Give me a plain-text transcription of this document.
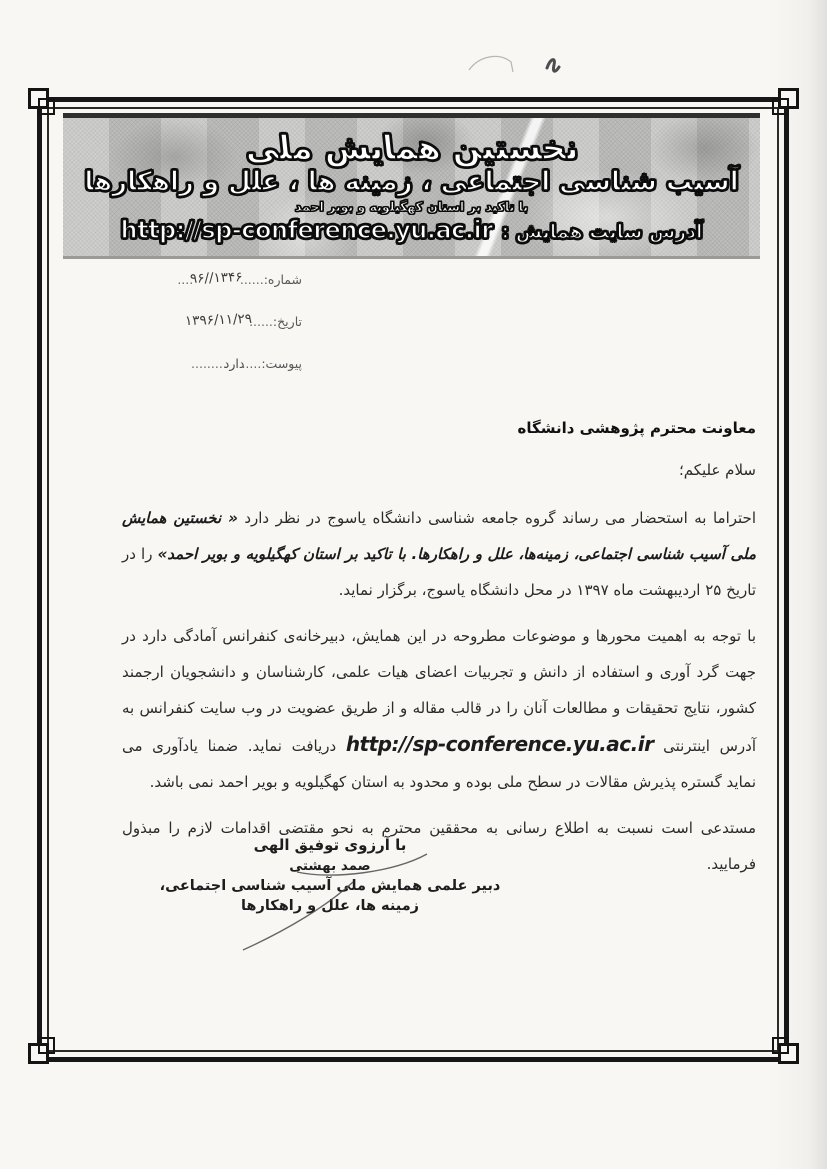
نخستین همایش ملی
آسیب شناسی اجتماعی ، زمینه ها ، علل و راهکارها
با تاکید بر استان کهگیلویه و بویر احمد
آدرس سایت همایش :
http://sp-conference.yu.ac.ir
شماره:......۹۶//۱۳۴۶....
تاریخ:......۱۳۹۶/۱۱/۲۹
پیوست:.....دارد.........
معاونت محترم پژوهشی دانشگاه
سلام علیکم؛

احتراما به استحضار می رساند گروه جامعه شناسی دانشگاه یاسوج در نظر دارد « نخستین همایش ملی آسیب شناسی اجتماعی، زمینه‌ها، علل و راهکارها. با تاکید بر استان کهگیلویه و بویر احمد» را در تاریخ ۲۵ اردیبهشت ماه ۱۳۹۷ در محل دانشگاه یاسوج، برگزار نماید.

با توجه به اهمیت محورها و موضوعات مطروحه در این همایش، دبیرخانه‌ی کنفرانس آمادگی دارد در جهت گرد آوری و استفاده از دانش و تجربیات اعضای هیات علمی، کارشناسان و دانشجویان ارجمند کشور، نتایج تحقیقات و مطالعات آنان را در قالب مقاله و از طریق عضویت در وب سایت کنفرانس به آدرس اینترنتی http://sp-conference.yu.ac.ir دریافت نماید. ضمنا یادآوری می نماید گستره پذیرش مقالات در سطح ملی بوده و محدود به استان کهگیلویه و بویر احمد نمی باشد.

مستدعی است نسبت به اطلاع رسانی به محققین محترم به نحو مقتضی اقدامات لازم را مبذول فرمایید.

با آرزوی توفیق الهی
صمد بهشتی
دبیر علمی همایش ملی آسیب شناسی اجتماعی،
زمینه ها، علل و راهکارها
